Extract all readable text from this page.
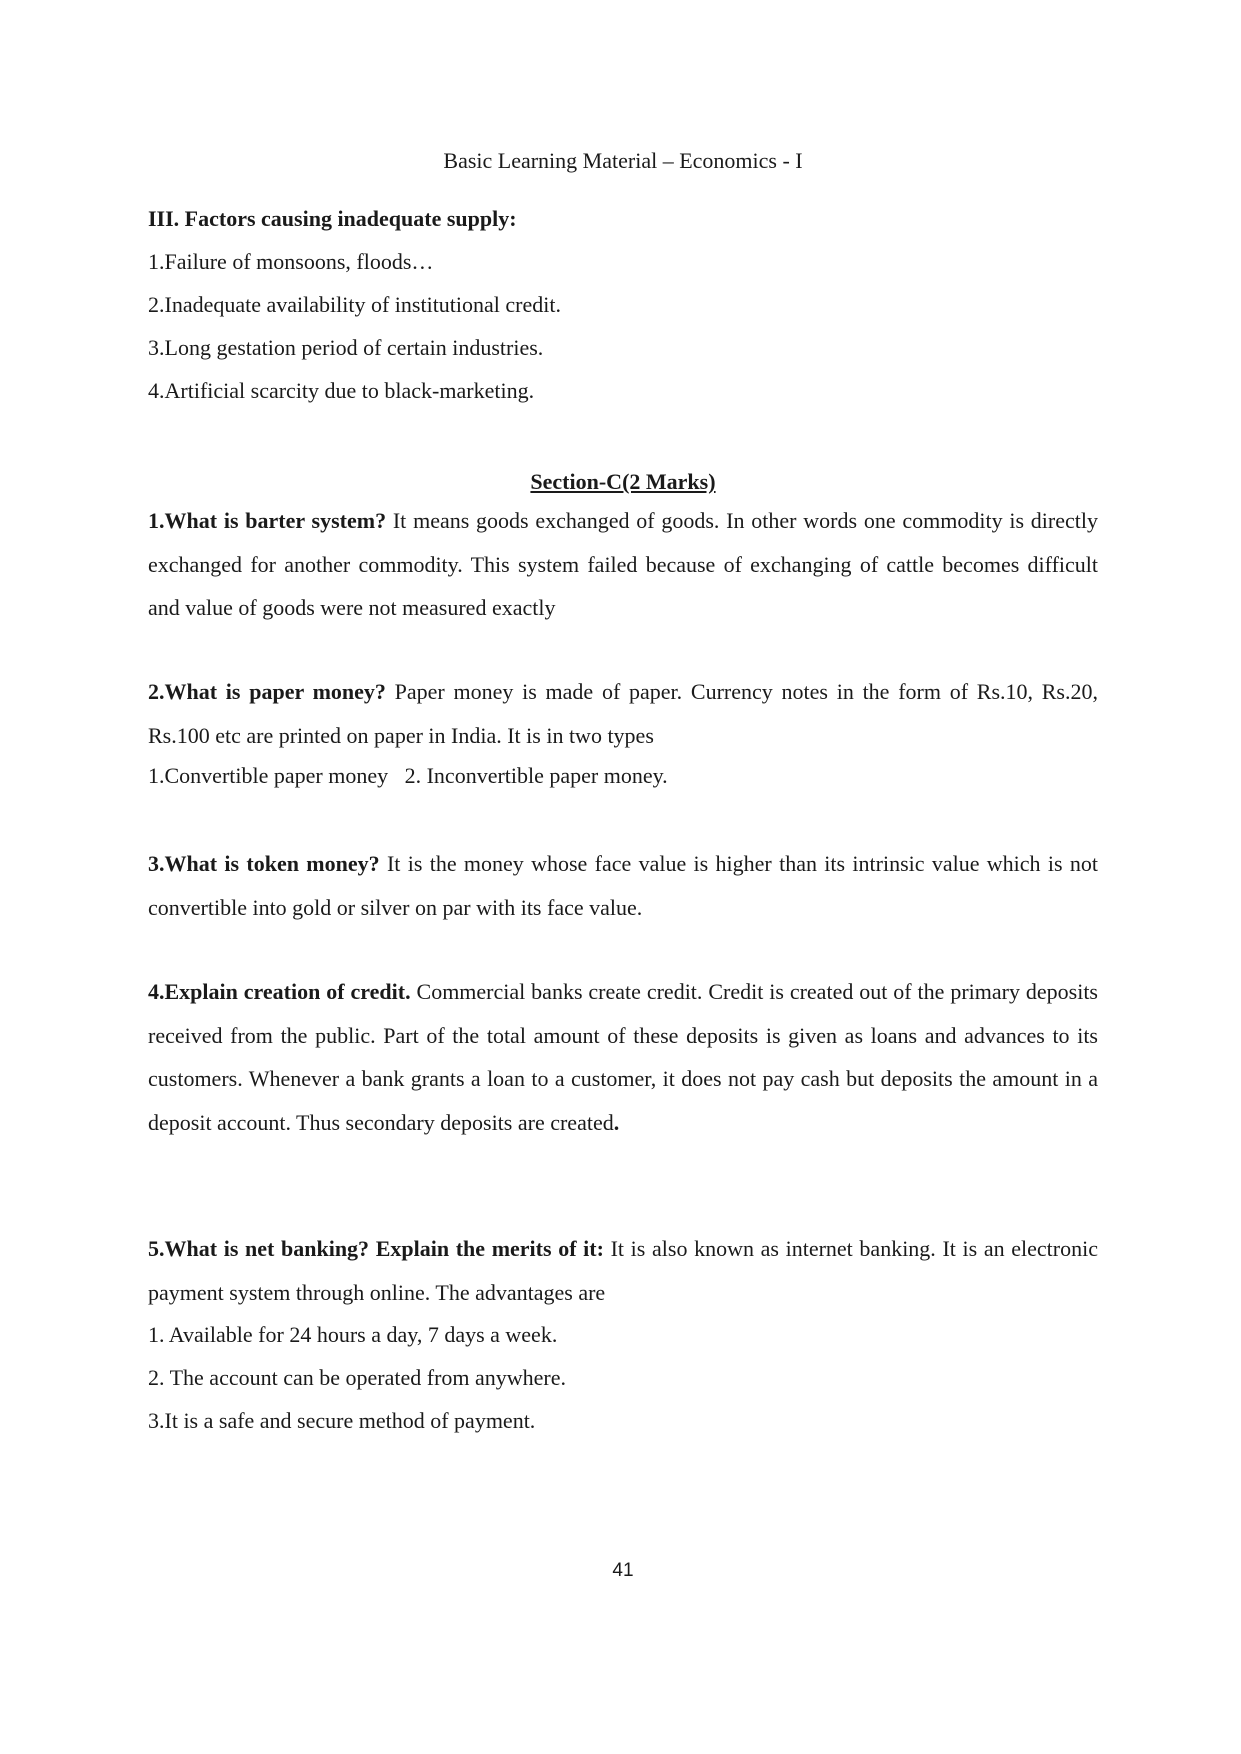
Basic Learning Material – Economics - I
III. Factors causing inadequate supply:
1.Failure of monsoons, floods…
2.Inadequate availability of institutional credit.
3.Long gestation period of certain industries.
4.Artificial scarcity due to black-marketing.
Section-C(2 Marks)
1.What is barter system? It means goods exchanged of goods. In other words one commodity is directly exchanged for another commodity. This system failed because of exchanging of cattle becomes difficult and value of goods were not measured exactly
2.What is paper money? Paper money is made of paper. Currency notes in the form of Rs.10, Rs.20, Rs.100 etc are printed on paper in India. It is in two types
1.Convertible paper money   2. Inconvertible paper money.
3.What is token money? It is the money whose face value is higher than its intrinsic value which is not convertible into gold or silver on par with its face value.
4.Explain creation of credit. Commercial banks create credit. Credit is created out of the primary deposits received from the public. Part of the total amount of these deposits is given as loans and advances to its customers. Whenever a bank grants a loan to a customer, it does not pay cash but deposits the amount in a deposit account. Thus secondary deposits are created.
5.What is net banking? Explain the merits of it: It is also known as internet banking. It is an electronic payment system through online. The advantages are
1. Available for 24 hours a day, 7 days a week.
2. The account can be operated from anywhere.
3.It is a safe and secure method of payment.
41
